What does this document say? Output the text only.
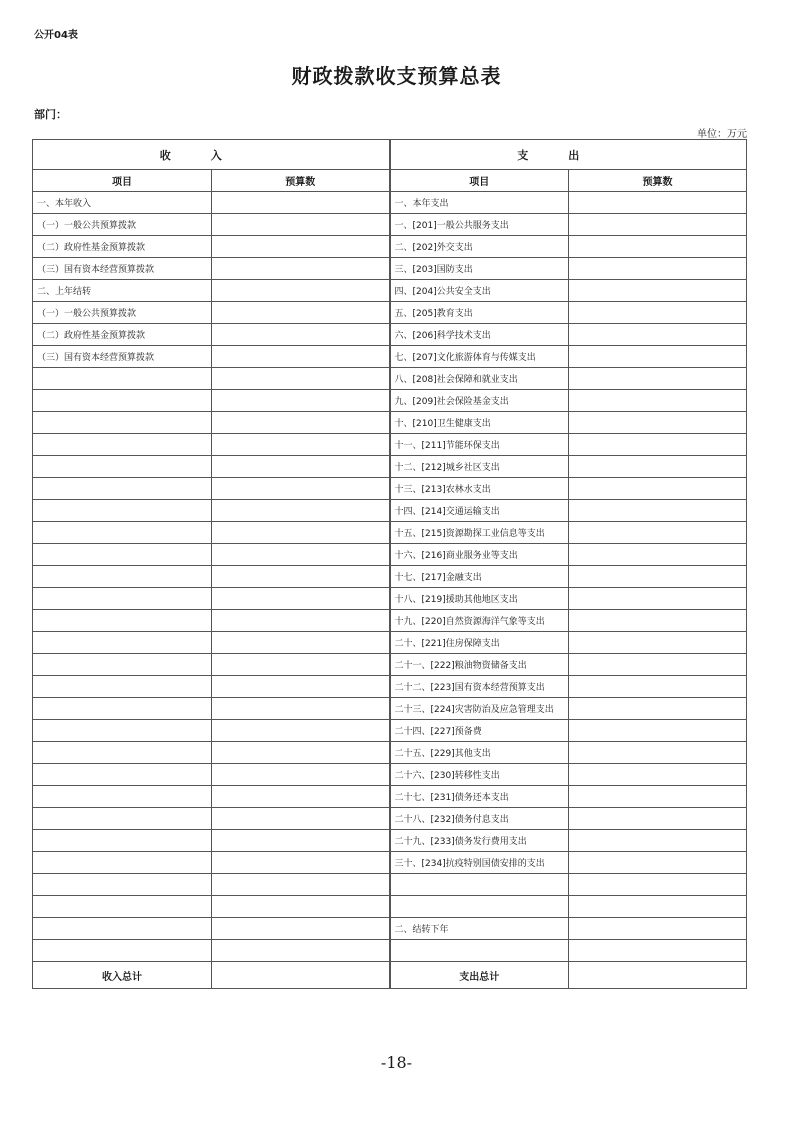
公开04表
财政拨款收支预算总表
部门：
单位：万元
收入		支出	
项目	预算数	项目	预算数
一、本年收入		一、本年支出	
（一）一般公共预算拨款		一、[201]一般公共服务支出	
（二）政府性基金预算拨款		二、[202]外交支出	
（三）国有资本经营预算拨款		三、[203]国防支出	
二、上年结转		四、[204]公共安全支出	
（一）一般公共预算拨款		五、[205]教育支出	
（二）政府性基金预算拨款		六、[206]科学技术支出	
（三）国有资本经营预算拨款		七、[207]文化旅游体育与传媒支出	
		八、[208]社会保障和就业支出	
		九、[209]社会保险基金支出	
		十、[210]卫生健康支出	
		十一、[211]节能环保支出	
		十二、[212]城乡社区支出	
		十三、[213]农林水支出	
		十四、[214]交通运输支出	
		十五、[215]资源勘探工业信息等支出	
		十六、[216]商业服务业等支出	
		十七、[217]金融支出	
		十八、[219]援助其他地区支出	
		十九、[220]自然资源海洋气象等支出	
		二十、[221]住房保障支出	
		二十一、[222]粮油物资储备支出	
		二十二、[223]国有资本经营预算支出	
		二十三、[224]灾害防治及应急管理支出	
		二十四、[227]预备费	
		二十五、[229]其他支出	
		二十六、[230]转移性支出	
		二十七、[231]债务还本支出	
		二十八、[232]债务付息支出	
		二十九、[233]债务发行费用支出	
		三十、[234]抗疫特别国债安排的支出	

		二、结转下年	

收入总计		支出总计	
-18-
